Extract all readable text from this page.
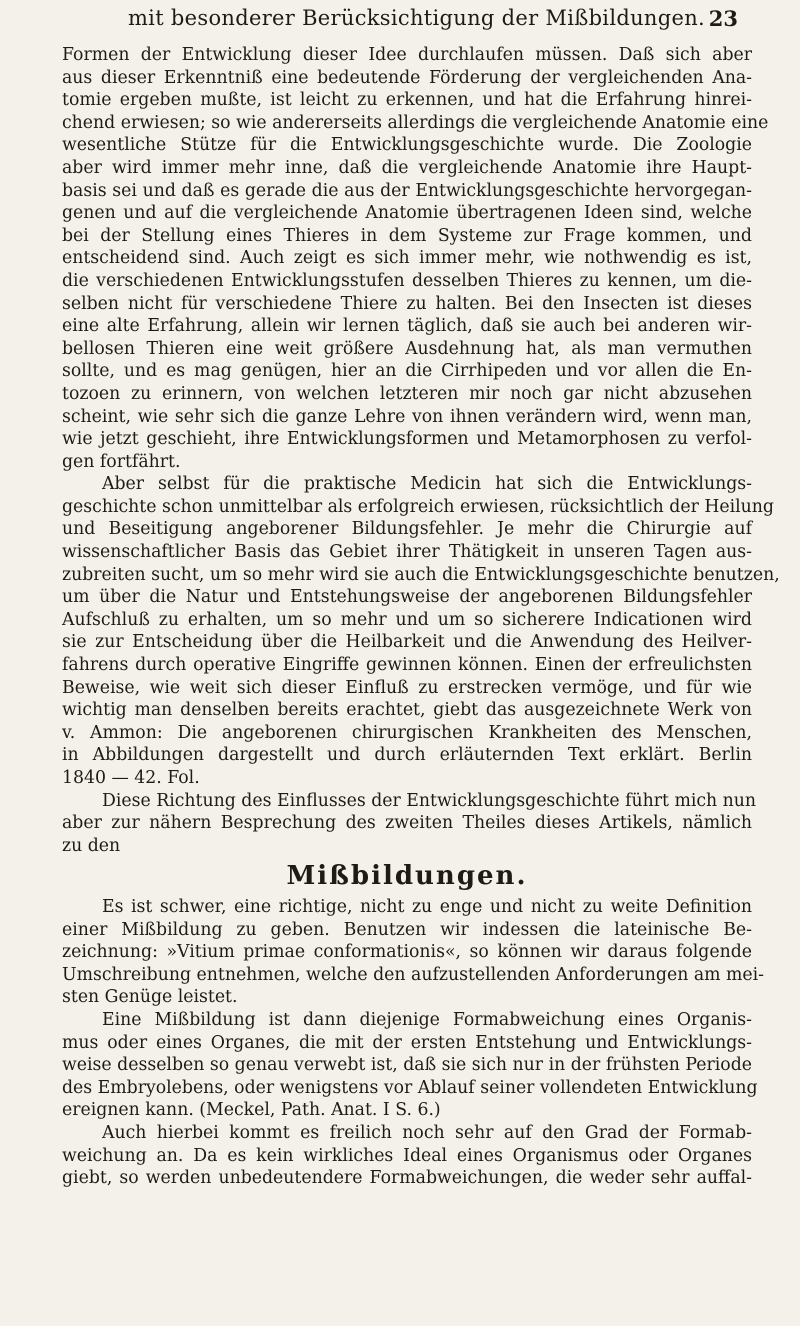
mit besonderer Berücksichtigung der Mißbildungen. 23
Formen der Entwicklung dieser Idee durchlaufen müssen. Daß sich aber
aus dieser Erkenntniß eine bedeutende Förderung der vergleichenden Ana-
tomie ergeben mußte, ist leicht zu erkennen, und hat die Erfahrung hinrei-
chend erwiesen; so wie andererseits allerdings die vergleichende Anatomie eine
wesentliche Stütze für die Entwicklungsgeschichte wurde. Die Zoologie
aber wird immer mehr inne, daß die vergleichende Anatomie ihre Haupt-
basis sei und daß es gerade die aus der Entwicklungsgeschichte hervorgegan-
genen und auf die vergleichende Anatomie übertragenen Ideen sind, welche
bei der Stellung eines Thieres in dem Systeme zur Frage kommen, und
entscheidend sind. Auch zeigt es sich immer mehr, wie nothwendig es ist,
die verschiedenen Entwicklungsstufen desselben Thieres zu kennen, um die-
selben nicht für verschiedene Thiere zu halten. Bei den Insecten ist dieses
eine alte Erfahrung, allein wir lernen täglich, daß sie auch bei anderen wir-
bellosen Thieren eine weit größere Ausdehnung hat, als man vermuthen
sollte, und es mag genügen, hier an die Cirrhipeden und vor allen die En-
tozoen zu erinnern, von welchen letzteren mir noch gar nicht abzusehen
scheint, wie sehr sich die ganze Lehre von ihnen verändern wird, wenn man,
wie jetzt geschieht, ihre Entwicklungsformen und Metamorphosen zu verfol-
gen fortfährt.
Aber selbst für die praktische Medicin hat sich die Entwicklungs-
geschichte schon unmittelbar als erfolgreich erwiesen, rücksichtlich der Heilung
und Beseitigung angeborener Bildungsfehler. Je mehr die Chirurgie auf
wissenschaftlicher Basis das Gebiet ihrer Thätigkeit in unseren Tagen aus-
zubreiten sucht, um so mehr wird sie auch die Entwicklungsgeschichte benutzen,
um über die Natur und Entstehungsweise der angeborenen Bildungsfehler
Aufschluß zu erhalten, um so mehr und um so sicherere Indicationen wird
sie zur Entscheidung über die Heilbarkeit und die Anwendung des Heilver-
fahrens durch operative Eingriffe gewinnen können. Einen der erfreulichsten
Beweise, wie weit sich dieser Einfluß zu erstrecken vermöge, und für wie
wichtig man denselben bereits erachtet, giebt das ausgezeichnete Werk von
v. Ammon: Die angeborenen chirurgischen Krankheiten des Menschen,
in Abbildungen dargestellt und durch erläuternden Text erklärt. Berlin
1840 — 42. Fol.
Diese Richtung des Einflusses der Entwicklungsgeschichte führt mich nun
aber zur nähern Besprechung des zweiten Theiles dieses Artikels, nämlich
zu den
Mißbildungen.
Es ist schwer, eine richtige, nicht zu enge und nicht zu weite Definition
einer Mißbildung zu geben. Benutzen wir indessen die lateinische Be-
zeichnung: »Vitium primae conformationis«, so können wir daraus folgende
Umschreibung entnehmen, welche den aufzustellenden Anforderungen am mei-
sten Genüge leistet.
Eine Mißbildung ist dann diejenige Formabweichung eines Organis-
mus oder eines Organes, die mit der ersten Entstehung und Entwicklungs-
weise desselben so genau verwebt ist, daß sie sich nur in der frühsten Periode
des Embryolebens, oder wenigstens vor Ablauf seiner vollendeten Entwicklung
ereignen kann. (Meckel, Path. Anat. I S. 6.)
Auch hierbei kommt es freilich noch sehr auf den Grad der Formab-
weichung an. Da es kein wirkliches Ideal eines Organismus oder Organes
giebt, so werden unbedeutendere Formabweichungen, die weder sehr auffal-
